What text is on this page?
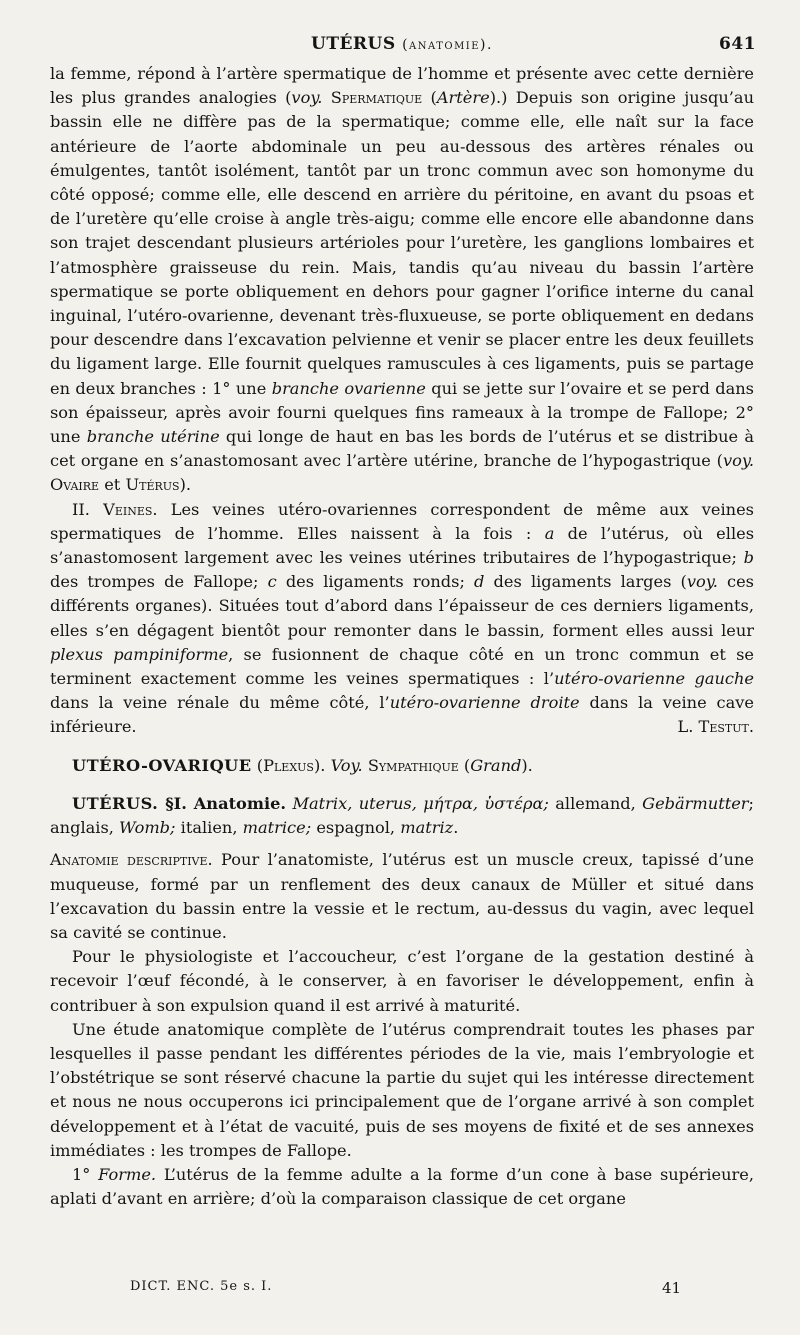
UTÉRUS (anatomie).	641

la femme, répond à l’artère spermatique de l’homme et présente avec cette dernière les plus grandes analogies (voy. Spermatique (Artère).) Depuis son origine jusqu’au bassin elle ne diffère pas de la spermatique; comme elle, elle naît sur la face antérieure de l’aorte abdominale un peu au-dessous des artères rénales ou émulgentes, tantôt isolément, tantôt par un tronc commun avec son homonyme du côté opposé; comme elle, elle descend en arrière du péritoine, en avant du psoas et de l’uretère qu’elle croise à angle très-aigu; comme elle encore elle abandonne dans son trajet descendant plusieurs artérioles pour l’uretère, les ganglions lombaires et l’atmosphère graisseuse du rein. Mais, tandis qu’au niveau du bassin l’artère spermatique se porte obliquement en dehors pour gagner l’orifice interne du canal inguinal, l’utéro-ovarienne, devenant très-fluxueuse, se porte obliquement en dedans pour descendre dans l’excavation pelvienne et venir se placer entre les deux feuillets du ligament large. Elle fournit quelques ramuscules à ces ligaments, puis se partage en deux branches : 1° une branche ovarienne qui se jette sur l’ovaire et se perd dans son épaisseur, après avoir fourni quelques fins rameaux à la trompe de Fallope; 2° une branche utérine qui longe de haut en bas les bords de l’utérus et se distribue à cet organe en s’anastomosant avec l’artère utérine, branche de l’hypogastrique (voy. Ovaire et Utérus).

II. Veines. Les veines utéro-ovariennes correspondent de même aux veines spermatiques de l’homme. Elles naissent à la fois : a de l’utérus, où elles s’anastomosent largement avec les veines utérines tributaires de l’hypogastrique; b des trompes de Fallope; c des ligaments ronds; d des ligaments larges (voy. ces différents organes). Situées tout d’abord dans l’épaisseur de ces derniers ligaments, elles s’en dégagent bientôt pour remonter dans le bassin, forment elles aussi leur plexus pampiniforme, se fusionnent de chaque côté en un tronc commun et se terminent exactement comme les veines spermatiques : l’utéro-ovarienne gauche dans la veine rénale du même côté, l’utéro-ovarienne droite dans la veine cave inférieure.	L. Testut.

UTÉRO-OVARIQUE (Plexus). Voy. Sympathique (Grand).

UTÉRUS. §I. Anatomie. Matrix, uterus, μήτρα, ὑστέρα; allemand, Gebärmutter; anglais, Womb; italien, matrice; espagnol, matriz.

Anatomie descriptive. Pour l’anatomiste, l’utérus est un muscle creux, tapissé d’une muqueuse, formé par un renflement des deux canaux de Müller et situé dans l’excavation du bassin entre la vessie et le rectum, au-dessus du vagin, avec lequel sa cavité se continue.

Pour le physiologiste et l’accoucheur, c’est l’organe de la gestation destiné à recevoir l’œuf fécondé, à le conserver, à en favoriser le développement, enfin à contribuer à son expulsion quand il est arrivé à maturité.

Une étude anatomique complète de l’utérus comprendrait toutes les phases par lesquelles il passe pendant les différentes périodes de la vie, mais l’embryologie et l’obstétrique se sont réservé chacune la partie du sujet qui les intéresse directement et nous ne nous occuperons ici principalement que de l’organe arrivé à son complet développement et à l’état de vacuité, puis de ses moyens de fixité et de ses annexes immédiates : les trompes de Fallope.

1° Forme. L’utérus de la femme adulte a la forme d’un cone à base supérieure, aplati d’avant en arrière; d’où la comparaison classique de cet organe

DICT. ENC. 5e s. I.	41
